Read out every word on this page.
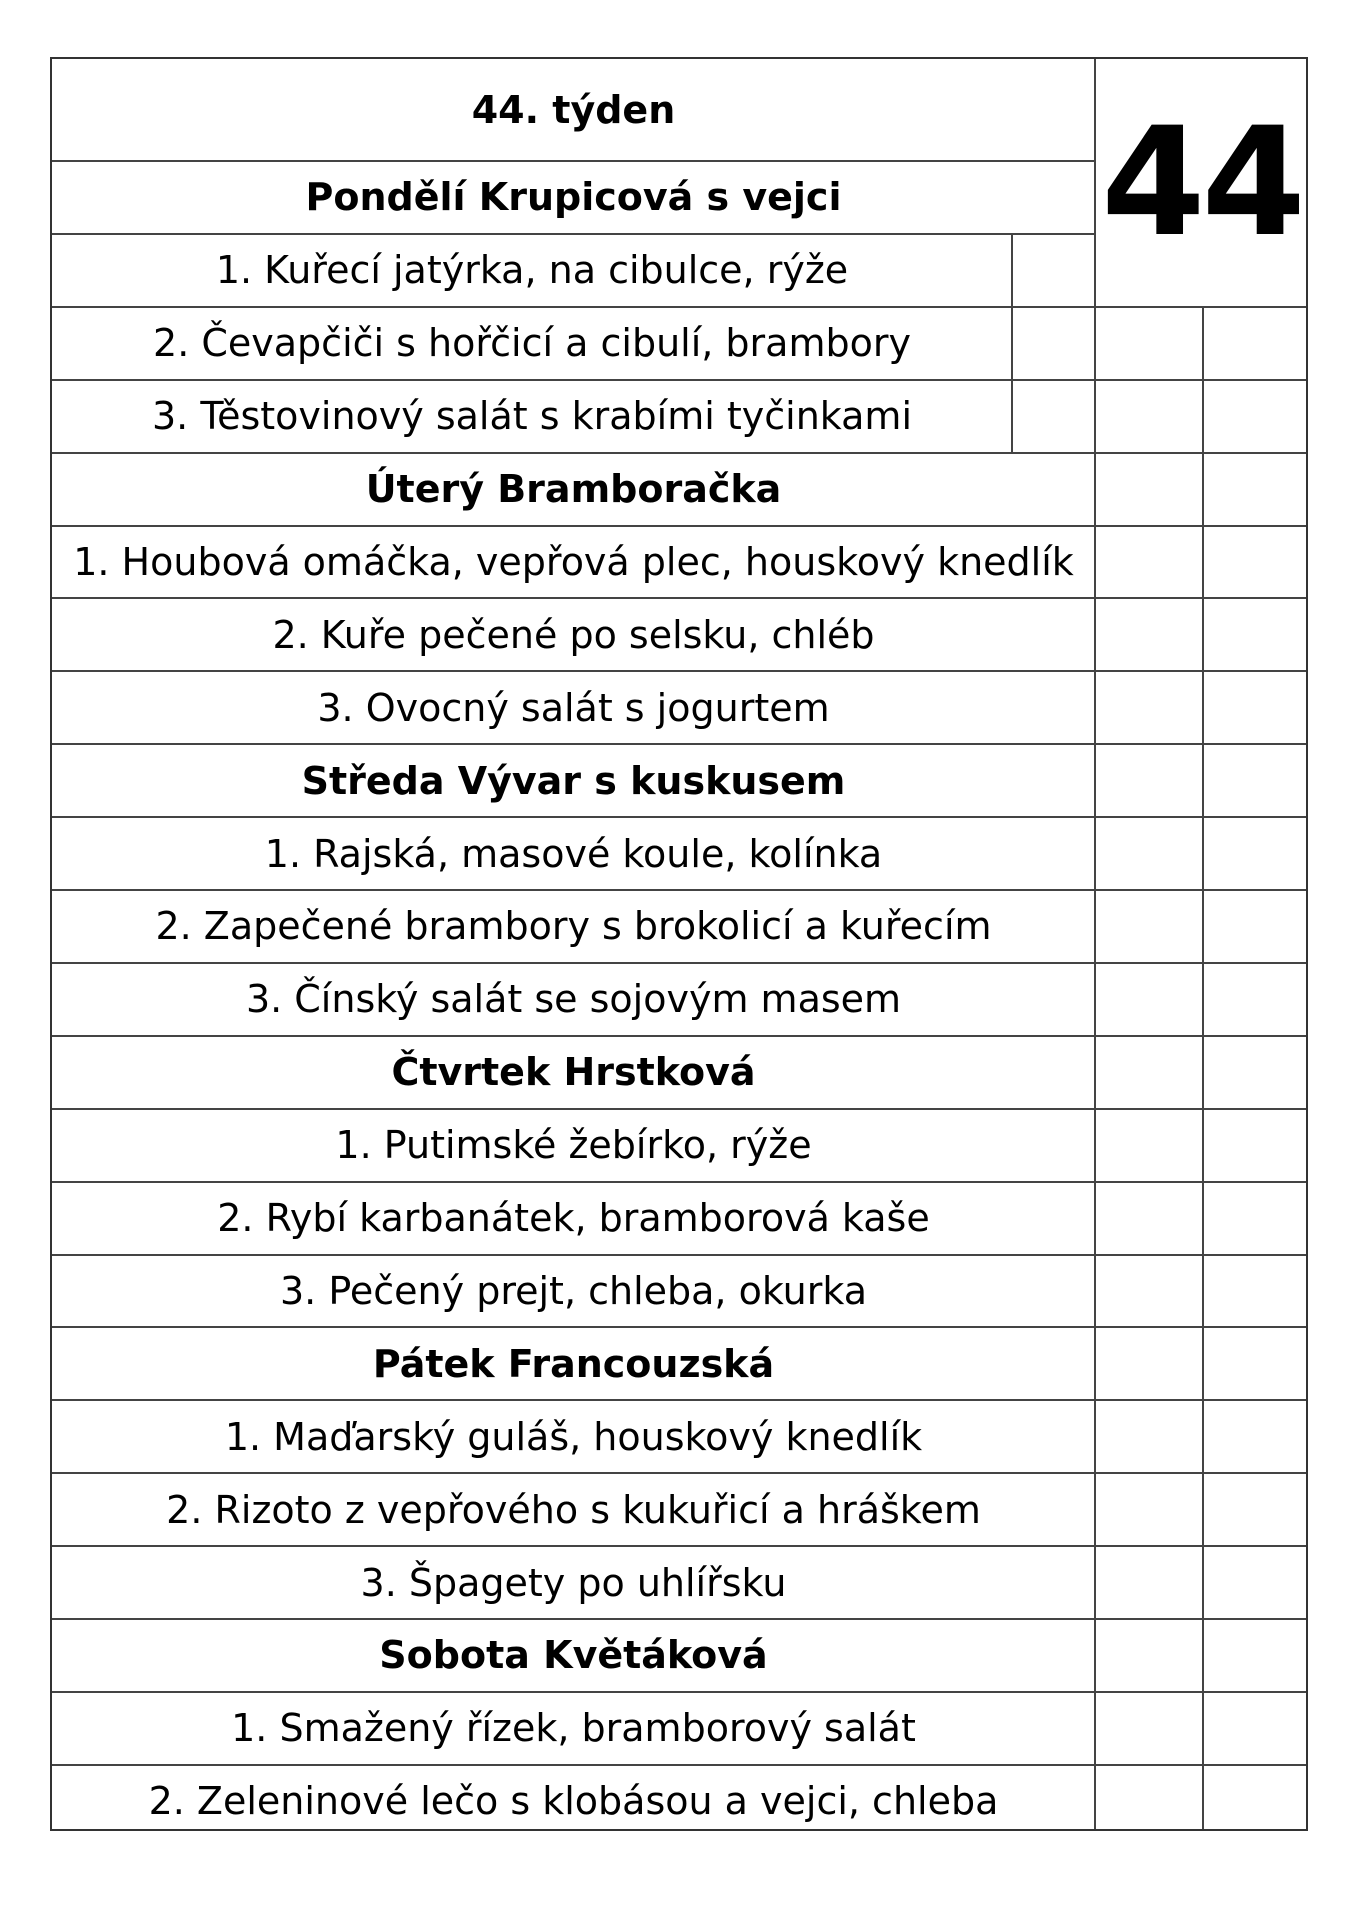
44. týden	44
Pondělí Krupicová s vejci
1. Kuřecí jatýrka, na cibulce, rýže
2. Čevapčiči s hořčicí a cibulí, brambory
3. Těstovinový salát s krabími tyčinkami
Úterý Bramboračka
1. Houbová omáčka, vepřová plec, houskový knedlík
2. Kuře pečené po selsku, chléb
3. Ovocný salát s jogurtem
Středa Vývar s kuskusem
1. Rajská, masové koule, kolínka
2. Zapečené brambory s brokolicí a kuřecím
3. Čínský salát se sojovým masem
Čtvrtek Hrstková
1. Putimské žebírko, rýže
2. Rybí karbanátek, bramborová kaše
3. Pečený prejt, chleba, okurka
Pátek Francouzská
1. Maďarský guláš, houskový knedlík
2. Rizoto z vepřového s kukuřicí a hráškem
3. Špagety po uhlířsku
Sobota Květáková
1. Smažený řízek, bramborový salát
2. Zeleninové lečo s klobásou a vejci, chleba
